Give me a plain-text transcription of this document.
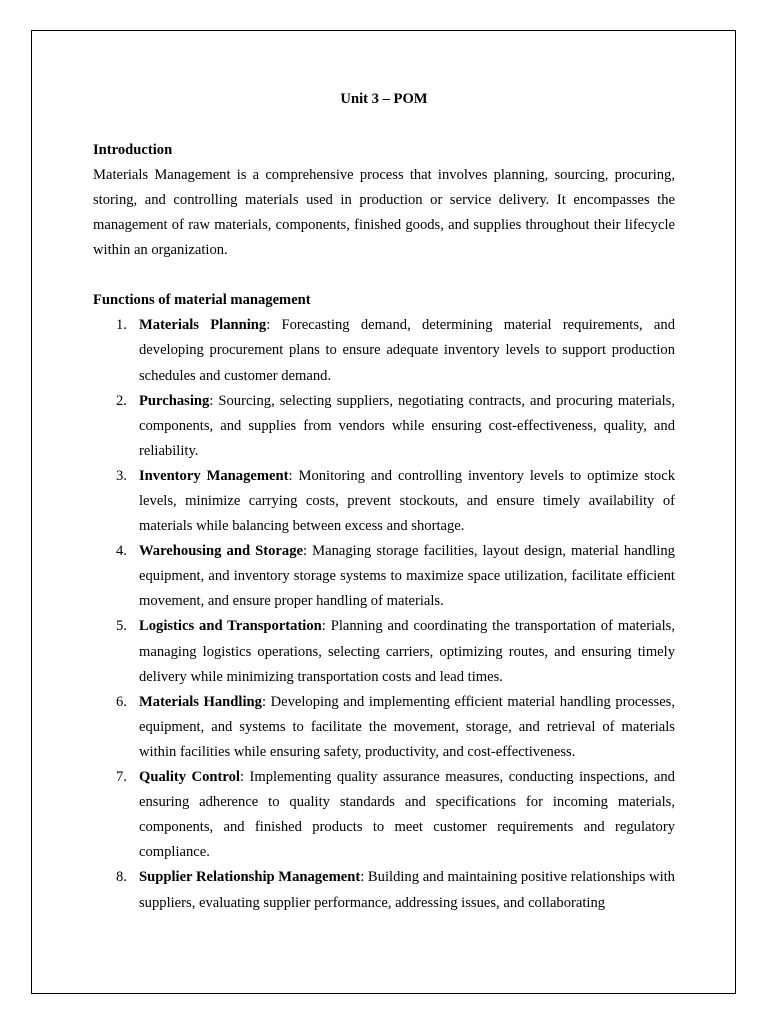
Unit 3 – POM

Introduction

Materials Management is a comprehensive process that involves planning, sourcing, procuring, storing, and controlling materials used in production or service delivery. It encompasses the management of raw materials, components, finished goods, and supplies throughout their lifecycle within an organization.

Functions of material management

1. Materials Planning: Forecasting demand, determining material requirements, and developing procurement plans to ensure adequate inventory levels to support production schedules and customer demand.
2. Purchasing: Sourcing, selecting suppliers, negotiating contracts, and procuring materials, components, and supplies from vendors while ensuring cost-effectiveness, quality, and reliability.
3. Inventory Management: Monitoring and controlling inventory levels to optimize stock levels, minimize carrying costs, prevent stockouts, and ensure timely availability of materials while balancing between excess and shortage.
4. Warehousing and Storage: Managing storage facilities, layout design, material handling equipment, and inventory storage systems to maximize space utilization, facilitate efficient movement, and ensure proper handling of materials.
5. Logistics and Transportation: Planning and coordinating the transportation of materials, managing logistics operations, selecting carriers, optimizing routes, and ensuring timely delivery while minimizing transportation costs and lead times.
6. Materials Handling: Developing and implementing efficient material handling processes, equipment, and systems to facilitate the movement, storage, and retrieval of materials within facilities while ensuring safety, productivity, and cost-effectiveness.
7. Quality Control: Implementing quality assurance measures, conducting inspections, and ensuring adherence to quality standards and specifications for incoming materials, components, and finished products to meet customer requirements and regulatory compliance.
8. Supplier Relationship Management: Building and maintaining positive relationships with suppliers, evaluating supplier performance, addressing issues, and collaborating
